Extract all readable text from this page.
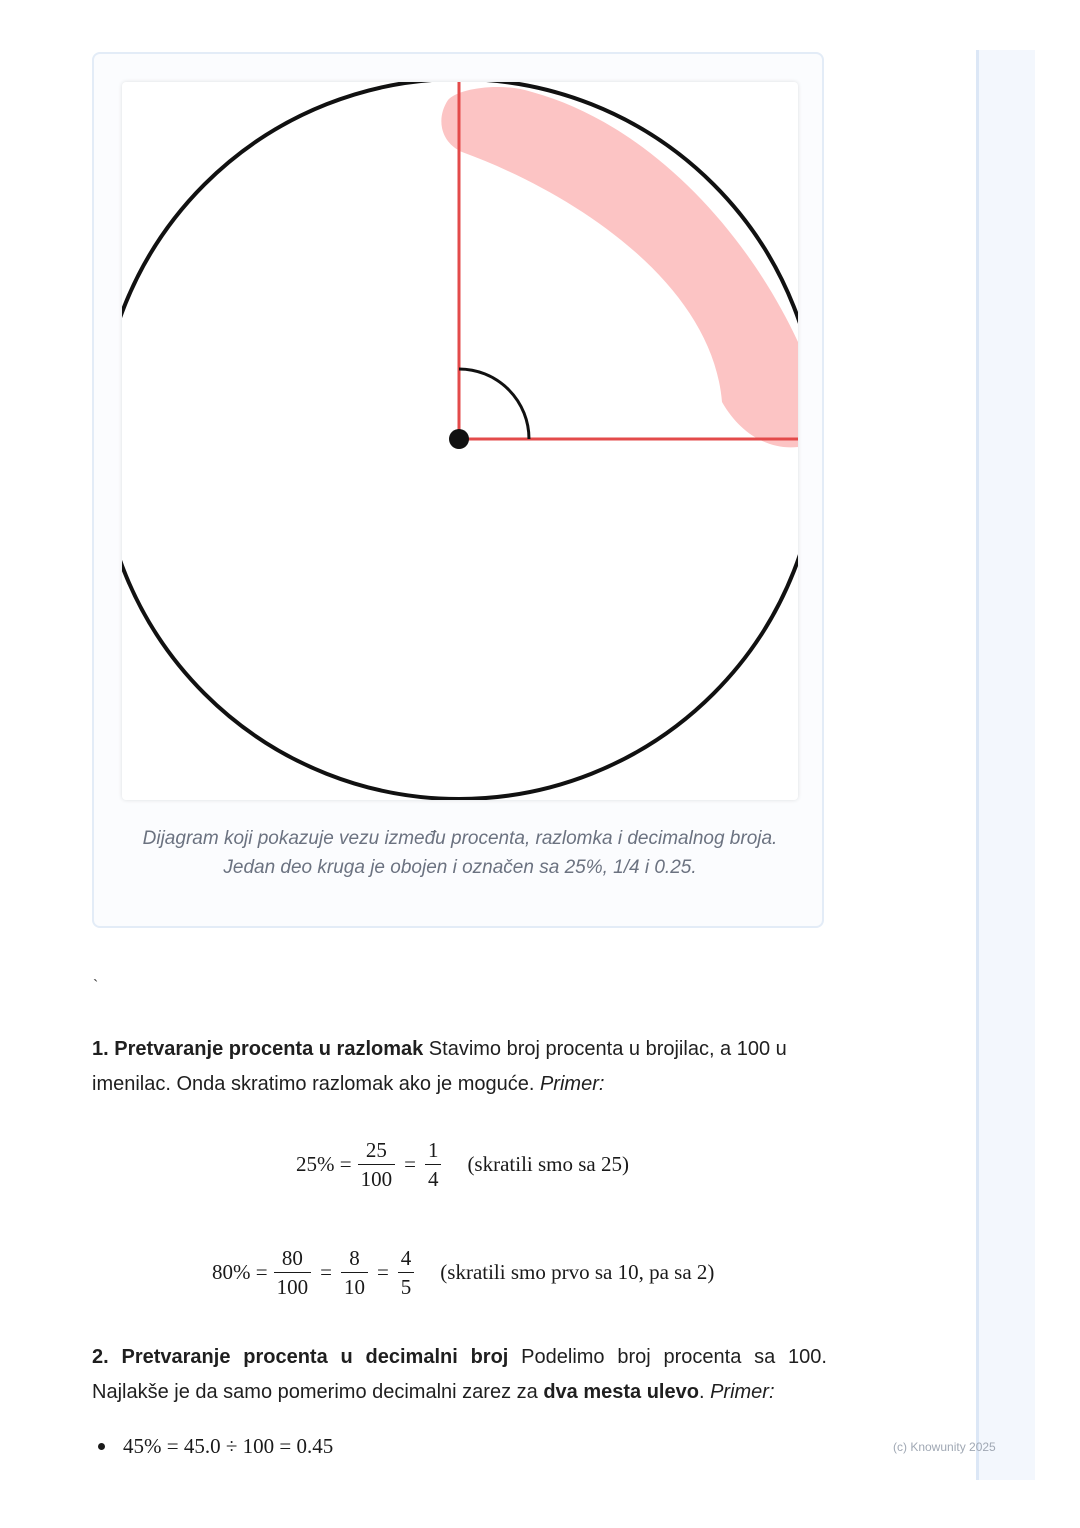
Dijagram koji pokazuje vezu između procenta, razlomka i decimalnog broja.
Jedan deo kruga je obojen i označen sa 25%, 1/4 i 0.25.
`
1. Pretvaranje procenta u razlomak Stavimo broj procenta u brojilac, a 100 u imenilac. Onda skratimo razlomak ako je moguće. Primer:
$25\% = \frac{25}{100} = \frac{1}{4}$ (skratili smo sa 25)
$80\% = \frac{80}{100} = \frac{8}{10} = \frac{4}{5}$ (skratili smo prvo sa 10, pa sa 2)
2. Pretvaranje procenta u decimalni broj Podelimo broj procenta sa 100. Najlakše je da samo pomerimo decimalni zarez za dva mesta ulevo. Primer:
45% = 45.0 ÷ 100 = 0.45	(c) Knowunity 2025
